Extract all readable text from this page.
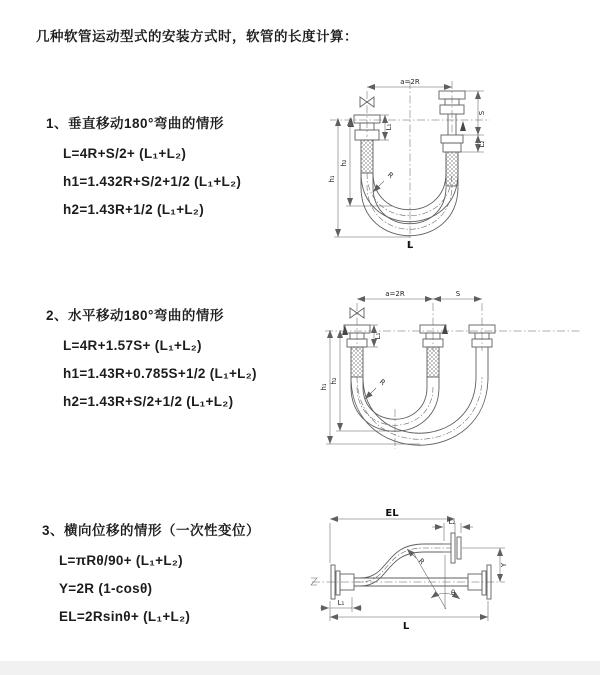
几种软管运动型式的安装方式时，软管的长度计算：
1、垂直移动180°弯曲的情形
L=4R+S/2+ (L₁+L₂)
h1=1.432R+S/2+1/2 (L₁+L₂)
h2=1.43R+1/2 (L₁+L₂)
2、水平移动180°弯曲的情形
L=4R+1.57S+ (L₁+L₂)
h1=1.43R+0.785S+1/2 (L₁+L₂)
h2=1.43R+S/2+1/2 (L₁+L₂)
3、横向位移的情形（一次性变位）
L=πRθ/90+ (L₁+L₂)
Y=2R (1-cosθ)
EL=2Rsinθ+ (L₁+L₂)
a=2R
L₁
h₁
h₂
S
L₂
R
L
a=2R	S
L₁
h₁
h₂	R
EL
L₂
Y
θ
R
L
L₁
